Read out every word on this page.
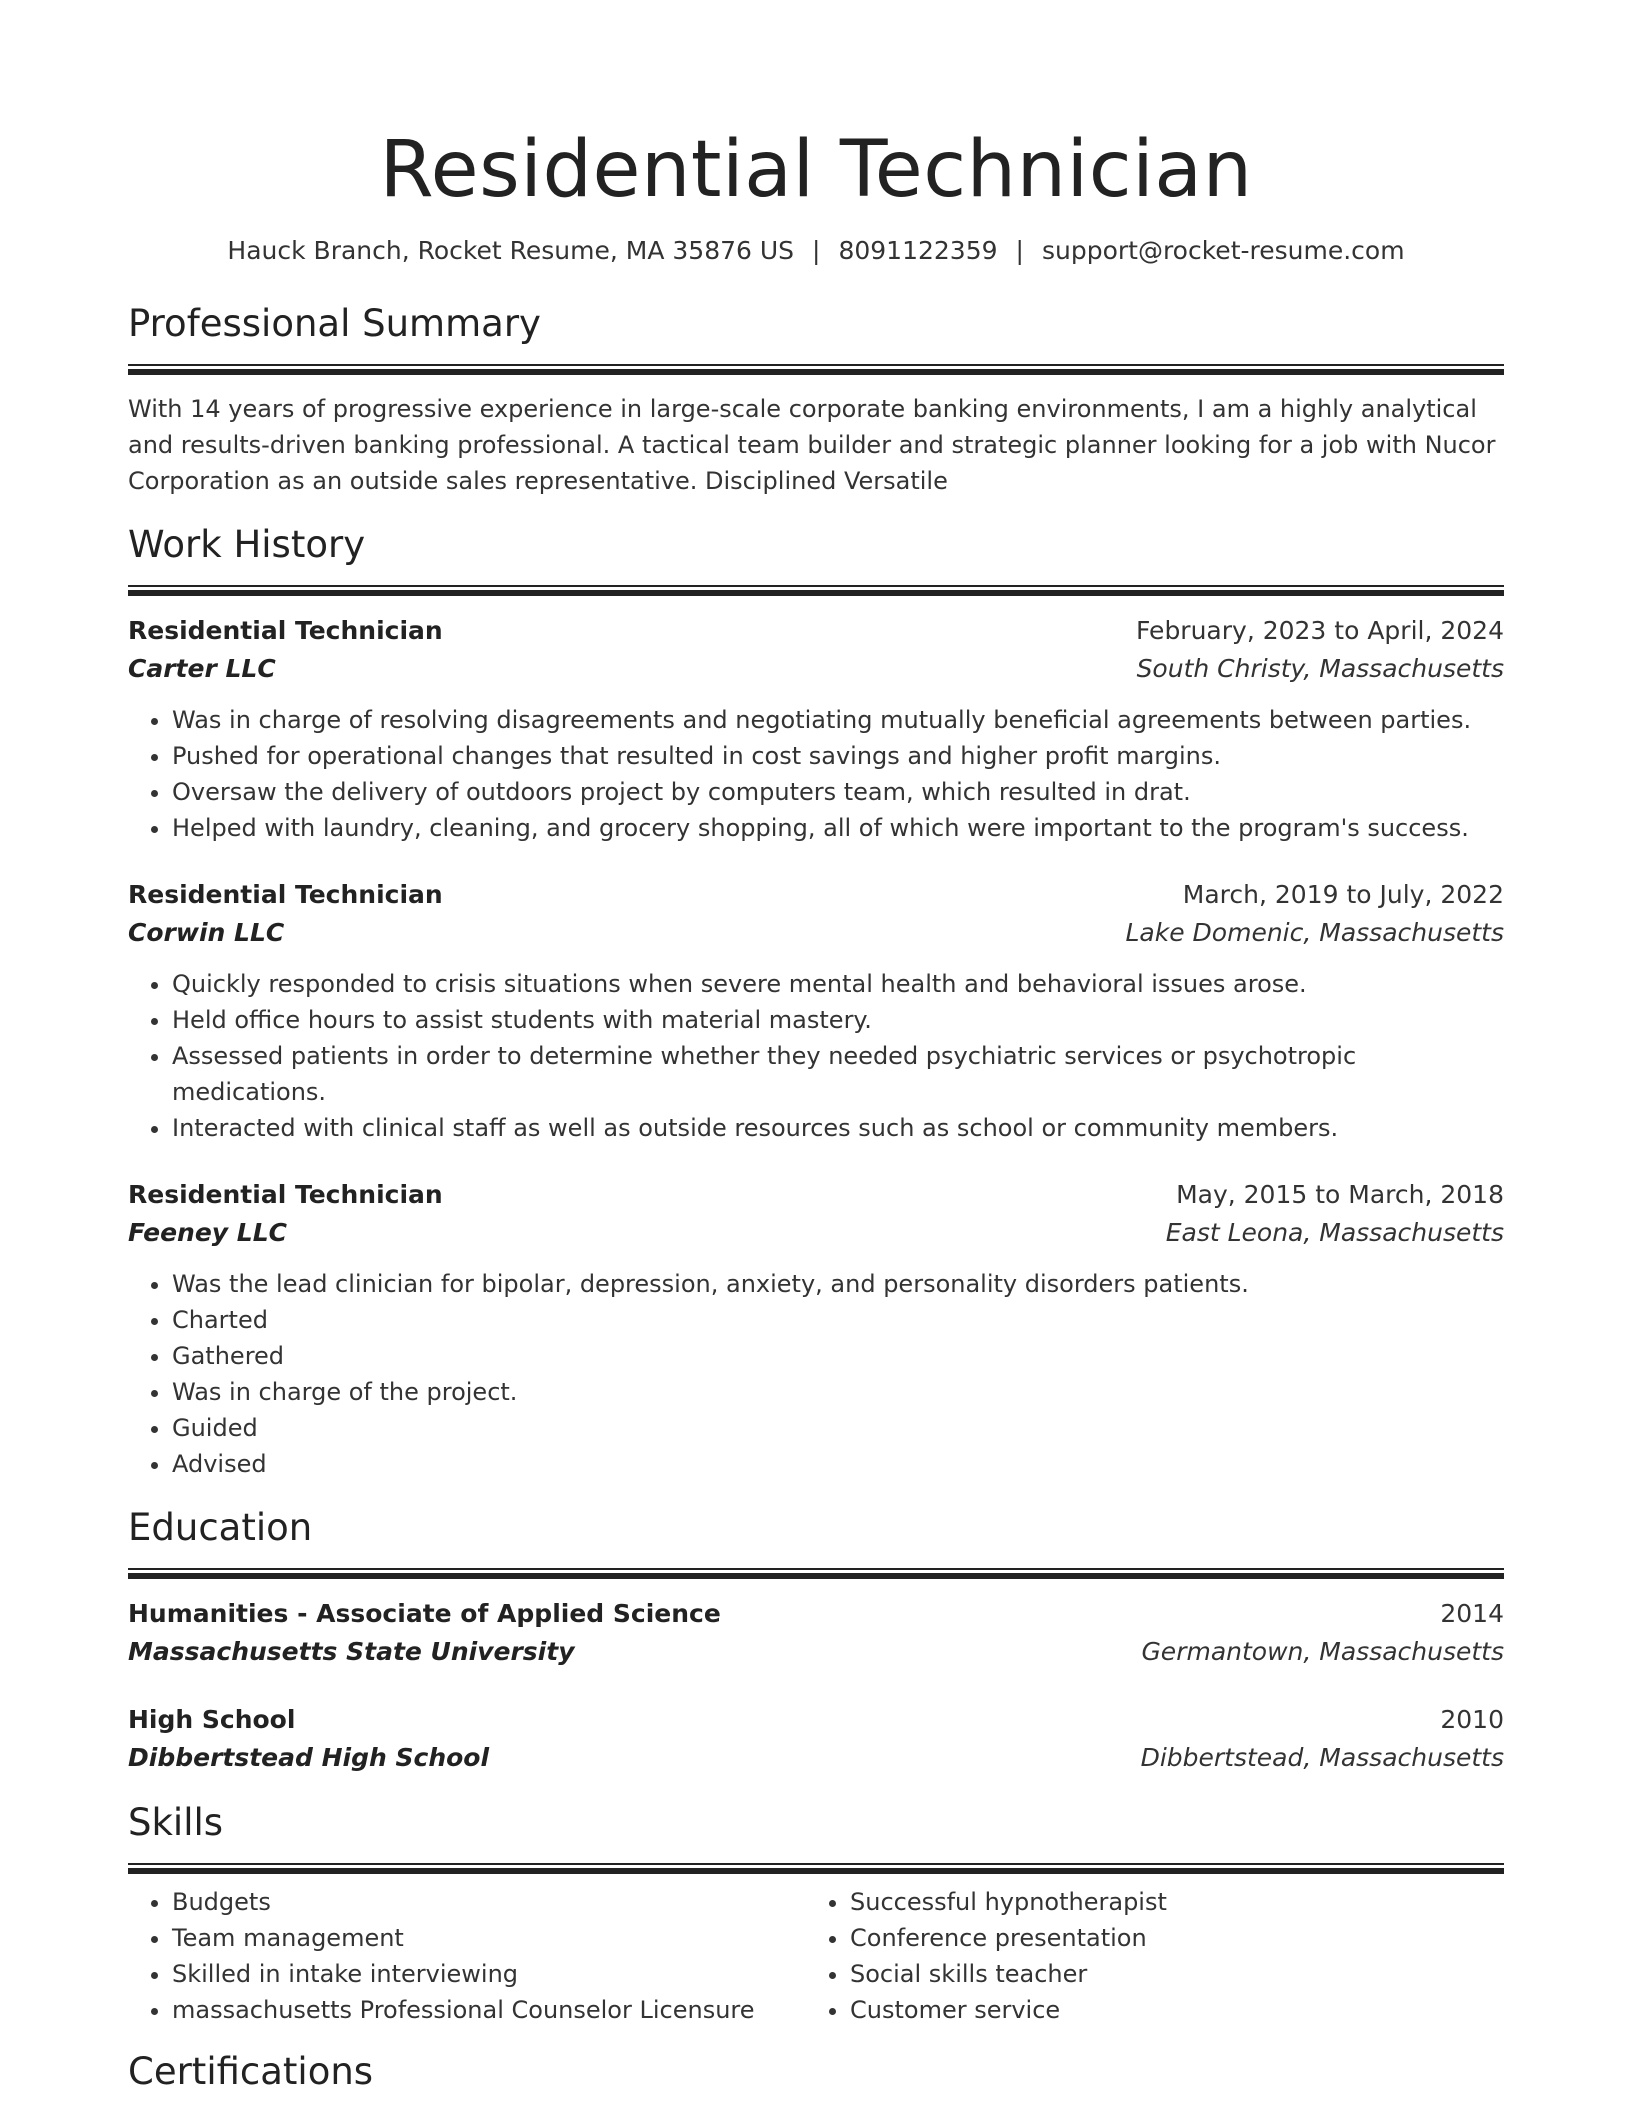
Residential Technician
Hauck Branch, Rocket Resume, MA 35876 US | 8091122359 | support@rocket-resume.com
Professional Summary
With 14 years of progressive experience in large-scale corporate banking environments, I am a highly analytical and results-driven banking professional. A tactical team builder and strategic planner looking for a job with Nucor Corporation as an outside sales representative. Disciplined Versatile
Work History
Residential Technician	February, 2023 to April, 2024
Carter LLC	South Christy, Massachusetts
• Was in charge of resolving disagreements and negotiating mutually beneficial agreements between parties.
• Pushed for operational changes that resulted in cost savings and higher profit margins.
• Oversaw the delivery of outdoors project by computers team, which resulted in drat.
• Helped with laundry, cleaning, and grocery shopping, all of which were important to the program's success.
Residential Technician	March, 2019 to July, 2022
Corwin LLC	Lake Domenic, Massachusetts
• Quickly responded to crisis situations when severe mental health and behavioral issues arose.
• Held office hours to assist students with material mastery.
• Assessed patients in order to determine whether they needed psychiatric services or psychotropic medications.
• Interacted with clinical staff as well as outside resources such as school or community members.
Residential Technician	May, 2015 to March, 2018
Feeney LLC	East Leona, Massachusetts
• Was the lead clinician for bipolar, depression, anxiety, and personality disorders patients.
• Charted
• Gathered
• Was in charge of the project.
• Guided
• Advised
Education
Humanities - Associate of Applied Science	2014
Massachusetts State University	Germantown, Massachusetts
High School	2010
Dibbertstead High School	Dibbertstead, Massachusetts
Skills
• Budgets
• Team management
• Skilled in intake interviewing
• massachusetts Professional Counselor Licensure
• Successful hypnotherapist
• Conference presentation
• Social skills teacher
• Customer service
Certifications
